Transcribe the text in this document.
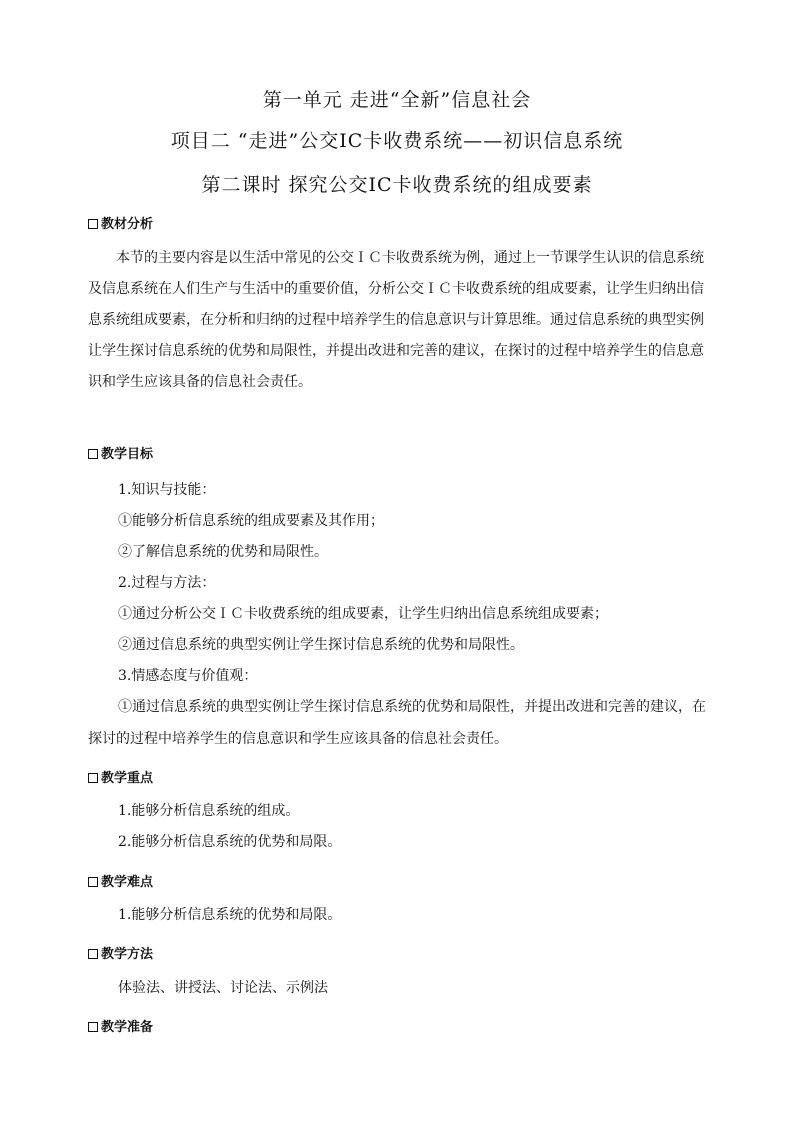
第一单元 走进“全新”信息社会
项目二 “走进”公交IC卡收费系统——初识信息系统
第二课时 探究公交IC卡收费系统的组成要素
教材分析
本节的主要内容是以生活中常见的公交ＩＣ卡收费系统为例，通过上一节课学生认识的信息系统及信息系统在人们生产与生活中的重要价值，分析公交ＩＣ卡收费系统的组成要素，让学生归纳出信息系统组成要素，在分析和归纳的过程中培养学生的信息意识与计算思维。通过信息系统的典型实例让学生探讨信息系统的优势和局限性，并提出改进和完善的建议，在探讨的过程中培养学生的信息意识和学生应该具备的信息社会责任。
教学目标
1.知识与技能：
①能够分析信息系统的组成要素及其作用；
②了解信息系统的优势和局限性。
2.过程与方法：
①通过分析公交ＩＣ卡收费系统的组成要素，让学生归纳出信息系统组成要素；
②通过信息系统的典型实例让学生探讨信息系统的优势和局限性。
3.情感态度与价值观：
①通过信息系统的典型实例让学生探讨信息系统的优势和局限性，并提出改进和完善的建议，在
探讨的过程中培养学生的信息意识和学生应该具备的信息社会责任。
教学重点
1.能够分析信息系统的组成。
2.能够分析信息系统的优势和局限。
教学难点
1.能够分析信息系统的优势和局限。
教学方法
体验法、讲授法、讨论法、示例法
教学准备
